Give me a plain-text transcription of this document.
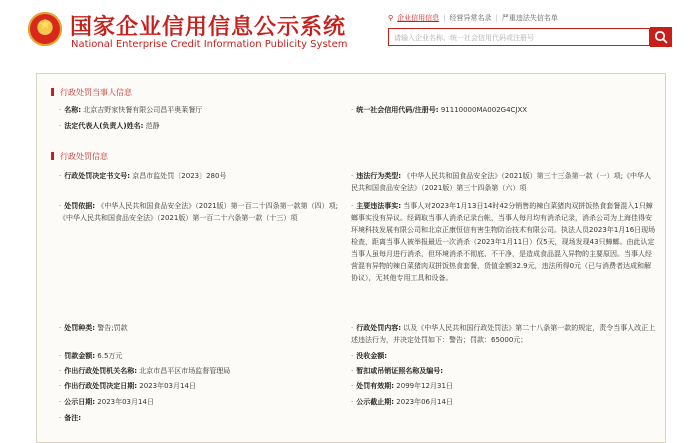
★
国家企业信用信息公示系统
National Enterprise Credit Information Publicity System
⚲ 企业信用信息 | 经营异常名录 | 严重违法失信名单
请输入企业名称、统一社会信用代码或注册号
行政处罚当事人信息
· 名称: 北京吉野家快餐有限公司昌平奥莱餐厅	· 统一社会信用代码/注册号: 91110000MA002G4CJXX
· 法定代表人(负责人)姓名: 范静
行政处罚信息
· 行政处罚决定书文号: 京昌市监处罚〔2023〕280号	· 违法行为类型: 《中华人民共和国食品安全法》（2021版）第三十三条第一款（一）项;《中华人民共和国食品安全法》（2021版）第三十四条第（六）项
· 处罚依据: 《中华人民共和国食品安全法》（2021版）第一百二十四条第一款第（四）项;《中华人民共和国食品安全法》（2021版）第一百二十六条第一款（十三）项
· 主要违法事实: 当事人对2023年1月13日14时42分销售的辣白菜猪肉双拼饭热食套餐混入1只蟑螂事实没有异议。经调取当事人消杀记录台帐，当事人每月均有消杀记录，消杀公司为上海佳得安环境科技发展有限公司和北京正康恒信有害生物防治技术有限公司。执法人员2023年1月16日现场检查，距离当事人被举报最近一次消杀（2023年1月11日）仅5天，现场发现43只蟑螂。由此认定当事人虽每月进行消杀，但环境消杀不彻底、不干净，是造成食品混入异物的主要原因。当事人经营混有异物的辣白菜猪肉双拼饭热食套餐，货值金额32.9元，违法所得0元（已与消费者达成和解协议），无其他专用工具和设备。
· 处罚种类: 警告;罚款	· 行政处罚内容: 以及《中华人民共和国行政处罚法》第二十八条第一款的规定，责令当事人改正上述违法行为，并决定处罚如下：警告；罚款：65000元；
· 罚款金额: 6.5万元	· 没收金额:
· 作出行政处罚机关名称: 北京市昌平区市场监督管理局	· 暂扣或吊销证照名称及编号:
· 作出行政处罚决定日期: 2023年03月14日	· 处罚有效期: 2099年12月31日
· 公示日期: 2023年03月14日	· 公示截止期: 2023年06月14日
· 备注:
